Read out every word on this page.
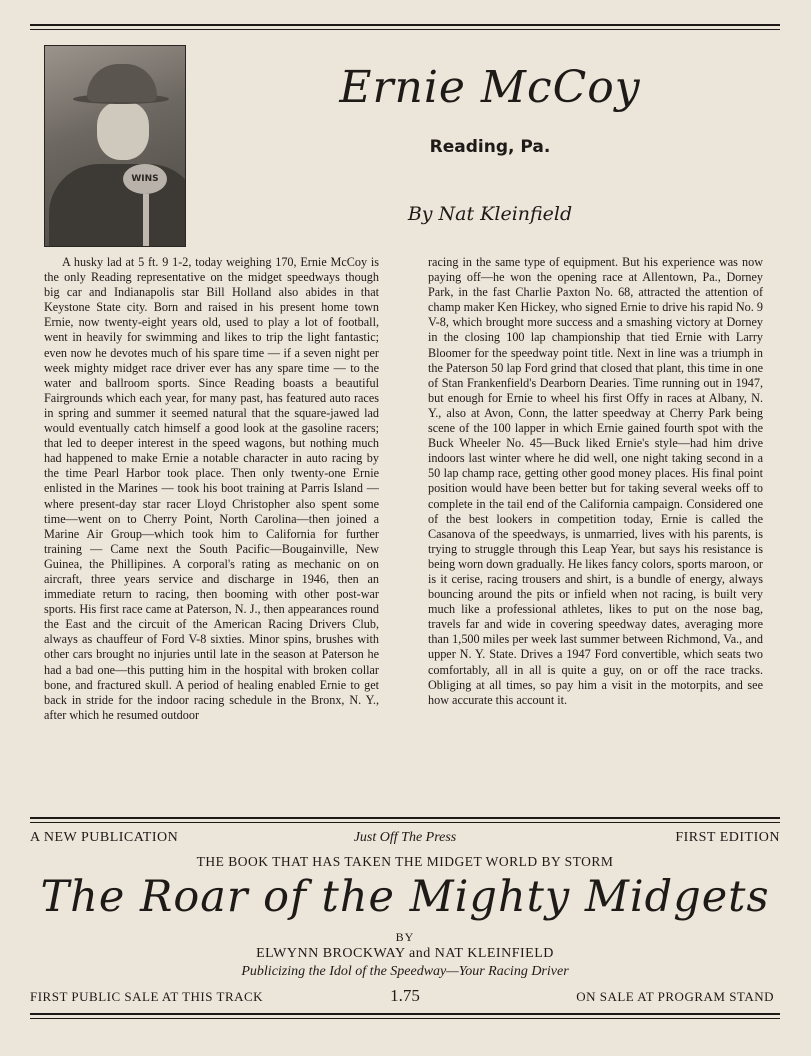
WINS
Ernie McCoy
Reading, Pa.
By Nat Kleinfield

A husky lad at 5 ft. 9 1-2, today weighing 170, Ernie McCoy is the only Reading representative on the midget speedways though big car and Indianapolis star Bill Holland also abides in that Keystone State city. Born and raised in his present home town Ernie, now twenty-eight years old, used to play a lot of football, went in heavily for swimming and likes to trip the light fantastic; even now he devotes much of his spare time — if a seven night per week mighty midget race driver ever has any spare time — to the water and ballroom sports. Since Reading boasts a beautiful Fairgrounds which each year, for many past, has featured auto races in spring and summer it seemed natural that the square-jawed lad would eventually catch himself a good look at the gasoline racers; that led to deeper interest in the speed wagons, but nothing much had happened to make Ernie a notable character in auto racing by the time Pearl Harbor took place. Then only twenty-one Ernie enlisted in the Marines — took his boot training at Parris Island — where present-day star racer Lloyd Christopher also spent some time—went on to Cherry Point, North Carolina—then joined a Marine Air Group—which took him to California for further training — Came next the South Pacific—Bougainville, New Guinea, the Phillipines. A corporal's rating as mechanic on on aircraft, three years service and discharge in 1946, then an immediate return to racing, then booming with other post-war sports. His first race came at Paterson, N. J., then appearances round the East and the circuit of the American Racing Drivers Club, always as chauffeur of Ford V-8 sixties. Minor spins, brushes with other cars brought no injuries until late in the season at Paterson he had a bad one—this putting him in the hospital with broken collar bone, and fractured skull. A period of healing enabled Ernie to get back in stride for the indoor racing schedule in the Bronx, N. Y., after which he resumed outdoor

racing in the same type of equipment. But his experience was now paying off—he won the opening race at Allentown, Pa., Dorney Park, in the fast Charlie Paxton No. 68, attracted the attention of champ maker Ken Hickey, who signed Ernie to drive his rapid No. 9 V-8, which brought more success and a smashing victory at Dorney in the closing 100 lap championship that tied Ernie with Larry Bloomer for the speedway point title. Next in line was a triumph in the Paterson 50 lap Ford grind that closed that plant, this time in one of Stan Frankenfield's Dearborn Dearies. Time running out in 1947, but enough for Ernie to wheel his first Offy in races at Albany, N. Y., also at Avon, Conn, the latter speedway at Cherry Park being scene of the 100 lapper in which Ernie gained fourth spot with the Buck Wheeler No. 45—Buck liked Ernie's style—had him drive indoors last winter where he did well, one night taking second in a 50 lap champ race, getting other good money places. His final point position would have been better but for taking several weeks off to complete in the tail end of the California campaign. Considered one of the best lookers in competition today, Ernie is called the Casanova of the speedways, is unmarried, lives with his parents, is trying to struggle through this Leap Year, but says his resistance is being worn down gradually. He likes fancy colors, sports maroon, or is it cerise, racing trousers and shirt, is a bundle of energy, always bouncing around the pits or infield when not racing, is built very much like a professional athletes, likes to put on the nose bag, travels far and wide in covering speedway dates, averaging more than 1,500 miles per week last summer between Richmond, Va., and upper N. Y. State. Drives a 1947 Ford convertible, which seats two comfortably, all in all is quite a guy, on or off the race tracks. Obliging at all times, so pay him a visit in the motorpits, and see how accurate this account it.

A NEW PUBLICATION	Just Off The Press	FIRST EDITION
THE BOOK THAT HAS TAKEN THE MIDGET WORLD BY STORM
The Roar of the Mighty Midgets
BY
ELWYNN BROCKWAY and NAT KLEINFIELD
Publicizing the Idol of the Speedway—Your Racing Driver
FIRST PUBLIC SALE AT THIS TRACK	1.75	ON SALE AT PROGRAM STAND
